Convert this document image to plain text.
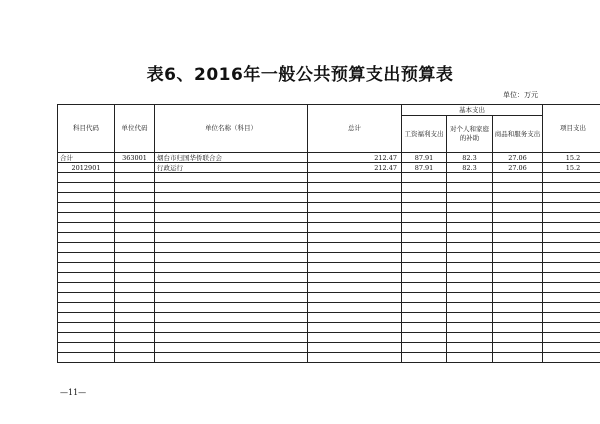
表6、2016年一般公共预算支出预算表
单位：万元
科目代码	单位代码	单位名称（科目）	总计	基本支出			项目支出
				工资福利支出	对个人和家庭的补助	商品和服务支出	
合计	363001	烟台市归国华侨联合会	212.47	87.91	82.3	27.06	15.2
2012901		行政运行	212.47	87.91	82.3	27.06	15.2

—11—
